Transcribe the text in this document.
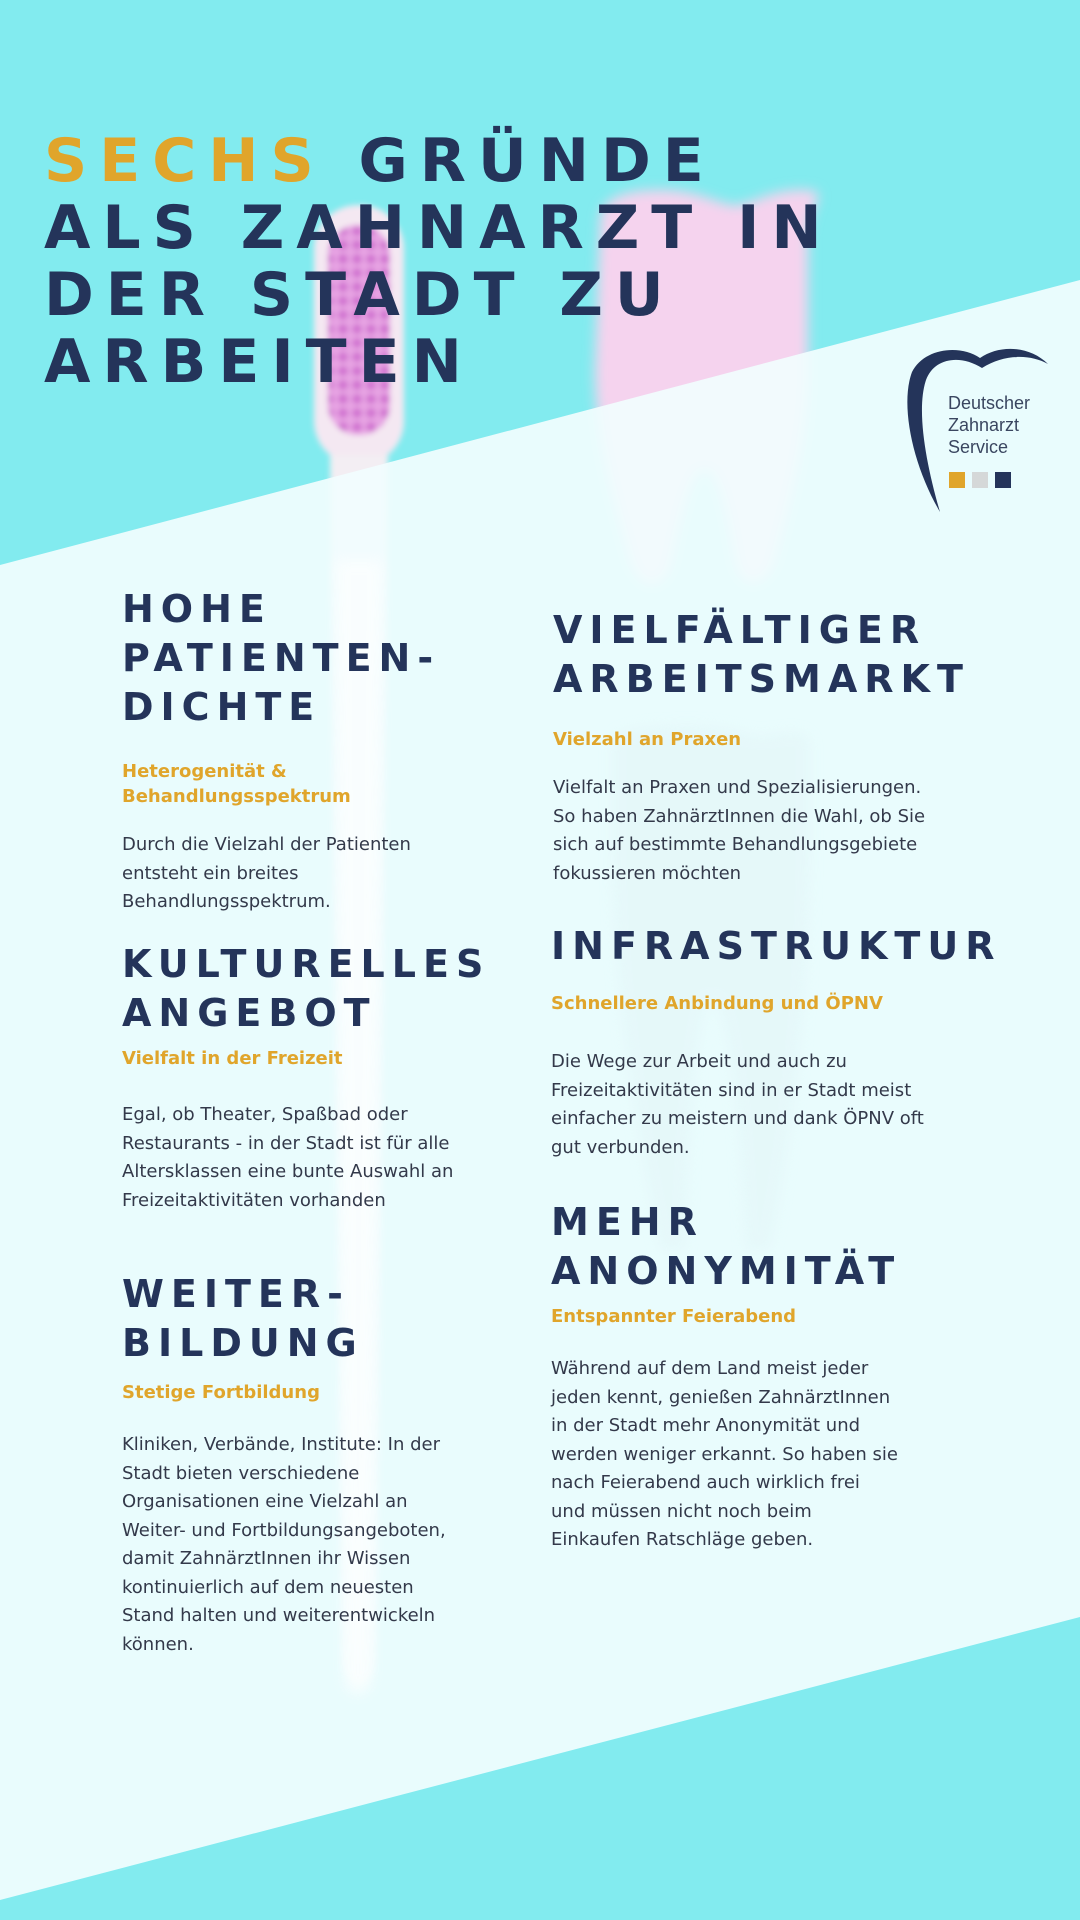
SECHS GRÜNDE
ALS ZAHNARZT IN
DER STADT ZU
ARBEITEN
Deutscher
Zahnarzt
Service
HOHE
PATIENTEN-
DICHTE
Heterogenität &
Behandlungsspektrum
Durch die Vielzahl der Patienten
entsteht ein breites
Behandlungsspektrum.
VIELFÄLTIGER
ARBEITSMARKT
Vielzahl an Praxen
Vielfalt an Praxen und Spezialisierungen.
So haben ZahnärztInnen die Wahl, ob Sie
sich auf bestimmte Behandlungsgebiete
fokussieren möchten
KULTURELLES
ANGEBOT
Vielfalt in der Freizeit
Egal, ob Theater, Spaßbad oder
Restaurants - in der Stadt ist für alle
Altersklassen eine bunte Auswahl an
Freizeitaktivitäten vorhanden
INFRASTRUKTUR
Schnellere Anbindung und ÖPNV
Die Wege zur Arbeit und auch zu
Freizeitaktivitäten sind in er Stadt meist
einfacher zu meistern und dank ÖPNV oft
gut verbunden.
WEITER-
BILDUNG
Stetige Fortbildung
Kliniken, Verbände, Institute: In der
Stadt bieten verschiedene
Organisationen eine Vielzahl an
Weiter- und Fortbildungsangeboten,
damit ZahnärztInnen ihr Wissen
kontinuierlich auf dem neuesten
Stand halten und weiterentwickeln
können.
MEHR
ANONYMITÄT
Entspannter Feierabend
Während auf dem Land meist jeder
jeden kennt, genießen ZahnärztInnen
in der Stadt mehr Anonymität und
werden weniger erkannt. So haben sie
nach Feierabend auch wirklich frei
und müssen nicht noch beim
Einkaufen Ratschläge geben.
